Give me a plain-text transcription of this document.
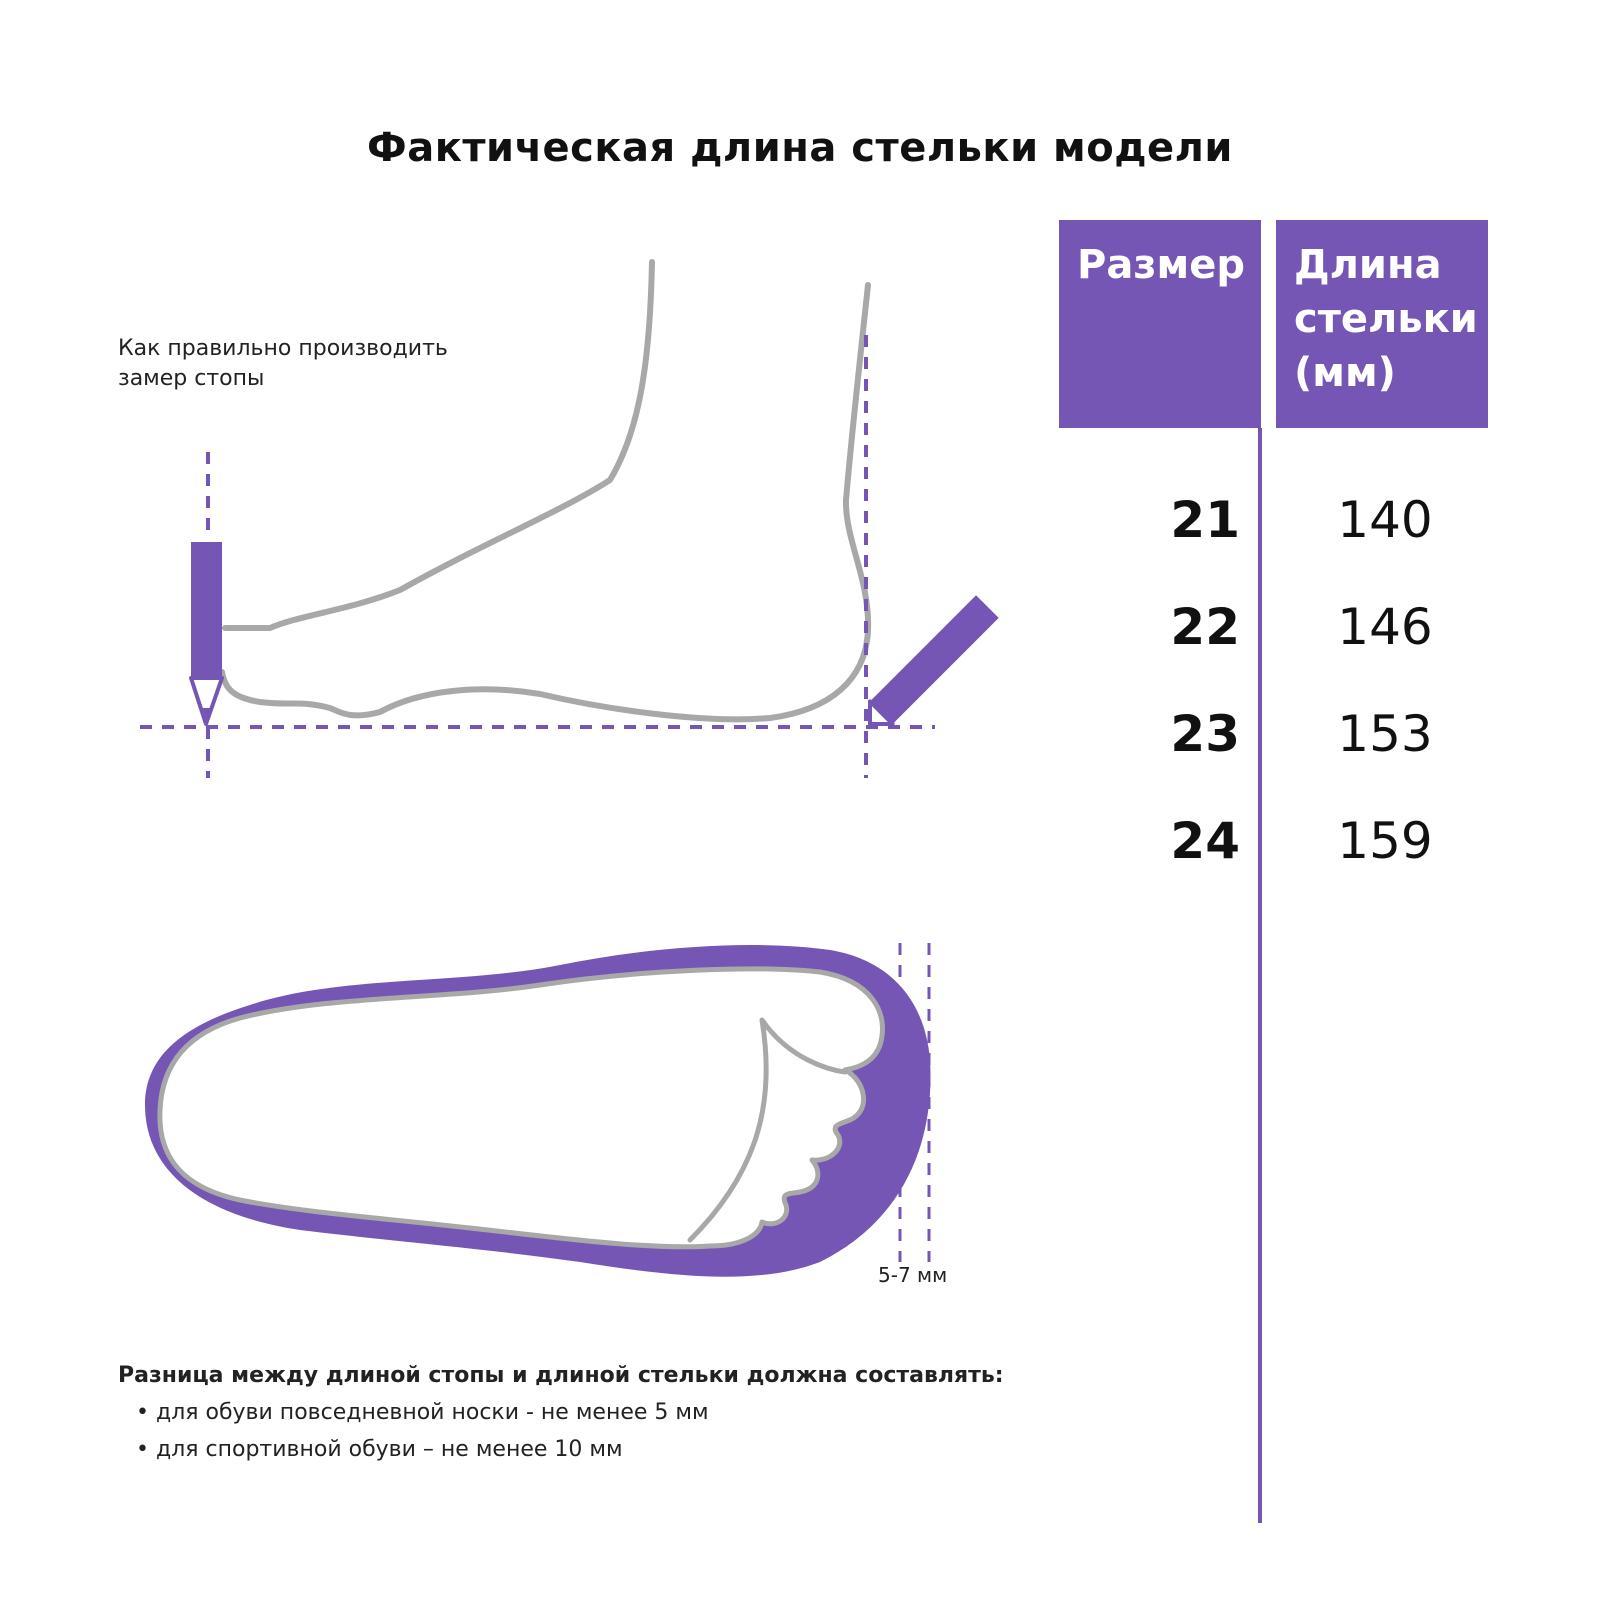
Фактическая длина стельки модели
Как правильно производить замер стопы
5-7 мм
Размер	Длина стельки (мм)
21	140
22	146
23	153
24	159
Разница между длиной стопы и длиной стельки должна составлять:
• для обуви повседневной носки - не менее 5 мм
• для спортивной обуви – не менее 10 мм
